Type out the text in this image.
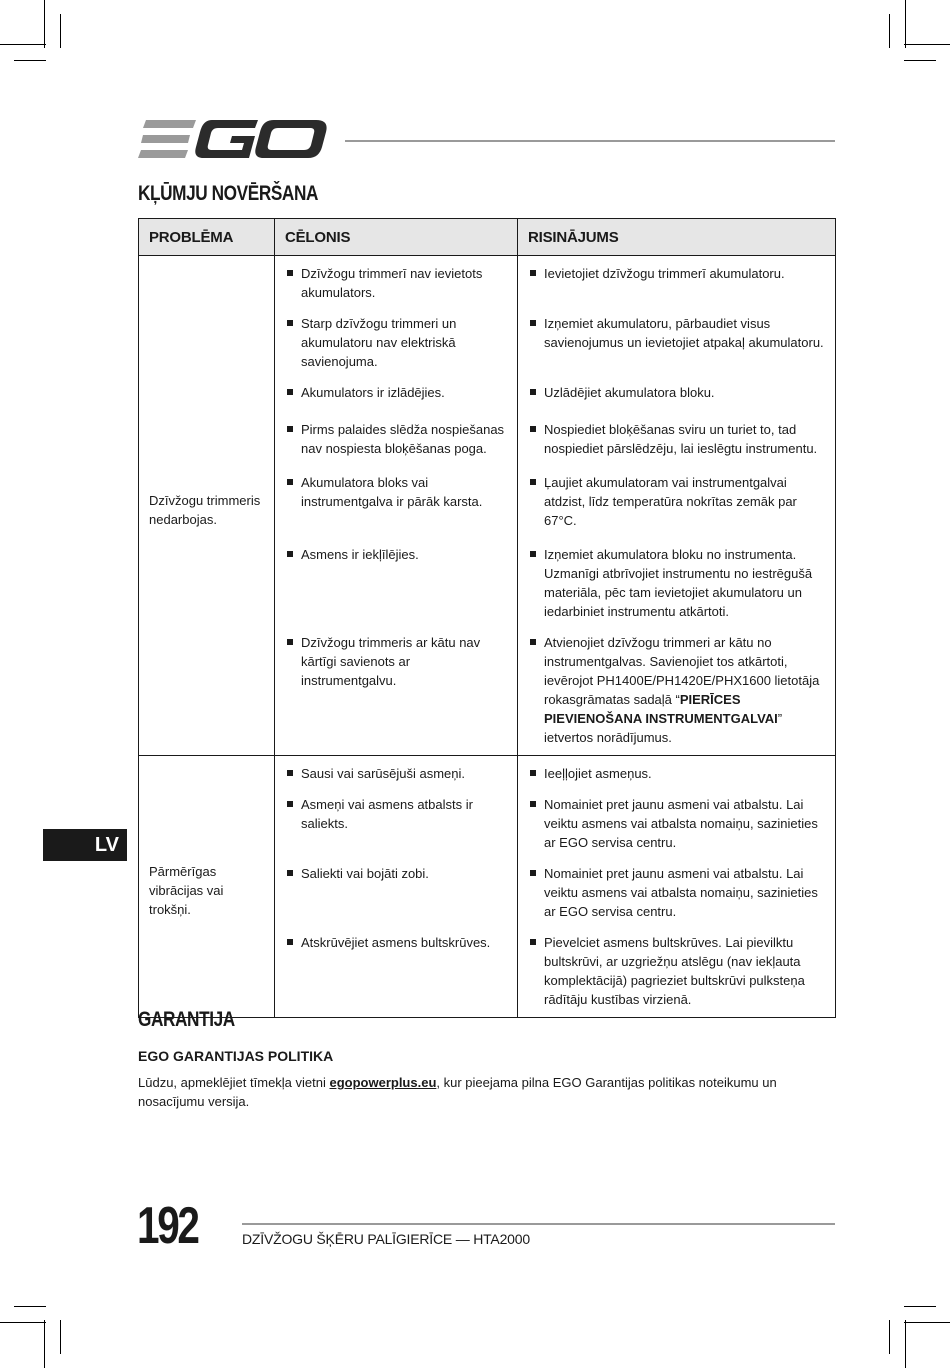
KĻŪMJU NOVĒRŠANA
PROBLĒMA	CĒLONIS	RISINĀJUMS
Dzīvžogu trimmeris nedarbojas.	Dzīvžogu trimmerī nav ievietots akumulators.	Ievietojiet dzīvžogu trimmerī akumulatoru.

	Starp dzīvžogu trimmeri un akumulatoru nav elektriskā savienojuma.	Izņemiet akumulatoru, pārbaudiet visus savienojumus un ievietojiet atpakaļ akumulatoru.

	Akumulators ir izlādējies.	Uzlādējiet akumulatora bloku.

	Pirms palaides slēdža nospiešanas nav nospiesta bloķēšanas poga.	Nospiediet bloķēšanas sviru un turiet to, tad nospiediet pārslēdzēju, lai ieslēgtu instrumentu.

	Akumulatora bloks vai instrumentgalva ir pārāk karsta.	Ļaujiet akumulatoram vai instrumentgalvai atdzist, līdz temperatūra nokrītas zemāk par 67°C.

	Asmens ir iekļīlējies.	Izņemiet akumulatora bloku no instrumenta. Uzmanīgi atbrīvojiet instrumentu no iestrēgušā materiāla, pēc tam ievietojiet akumulatoru un iedarbiniet instrumentu atkārtoti.

	Dzīvžogu trimmeris ar kātu nav kārtīgi savienots ar instrumentgalvu.	Atvienojiet dzīvžogu trimmeri ar kātu no instrumentgalvas. Savienojiet tos atkārtoti, ievērojot PH1400E/PH1420E/PHX1600 lietotāja rokasgrāmatas sadaļā “PIERĪCES PIEVIENOŠANA INSTRUMENTGALVAI” ietvertos norādījumus.

Pārmērīgas vibrācijas vai trokšņi.	Sausi vai sarūsējuši asmeņi.	Ieeļļojiet asmeņus.

	Asmeņi vai asmens atbalsts ir saliekts.	Nomainiet pret jaunu asmeni vai atbalstu. Lai veiktu asmens vai atbalsta nomaiņu, sazinieties ar EGO servisa centru.

	Saliekti vai bojāti zobi.	Nomainiet pret jaunu asmeni vai atbalstu. Lai veiktu asmens vai atbalsta nomaiņu, sazinieties ar EGO servisa centru.

	Atskrūvējiet asmens bultskrūves.	Pievelciet asmens bultskrūves. Lai pievilktu bultskrūvi, ar uzgriežņu atslēgu (nav iekļauta komplektācijā) pagrieziet bultskrūvi pulksteņa rādītāju kustības virzienā.
LV
GARANTIJA
EGO GARANTIJAS POLITIKA

Lūdzu, apmeklējiet tīmekļa vietni egopowerplus.eu, kur pieejama pilna EGO Garantijas politikas noteikumu un nosacījumu versija.

192	DZĪVŽOGU ŠĶĒRU PALĪGIERĪCE — HTA2000
